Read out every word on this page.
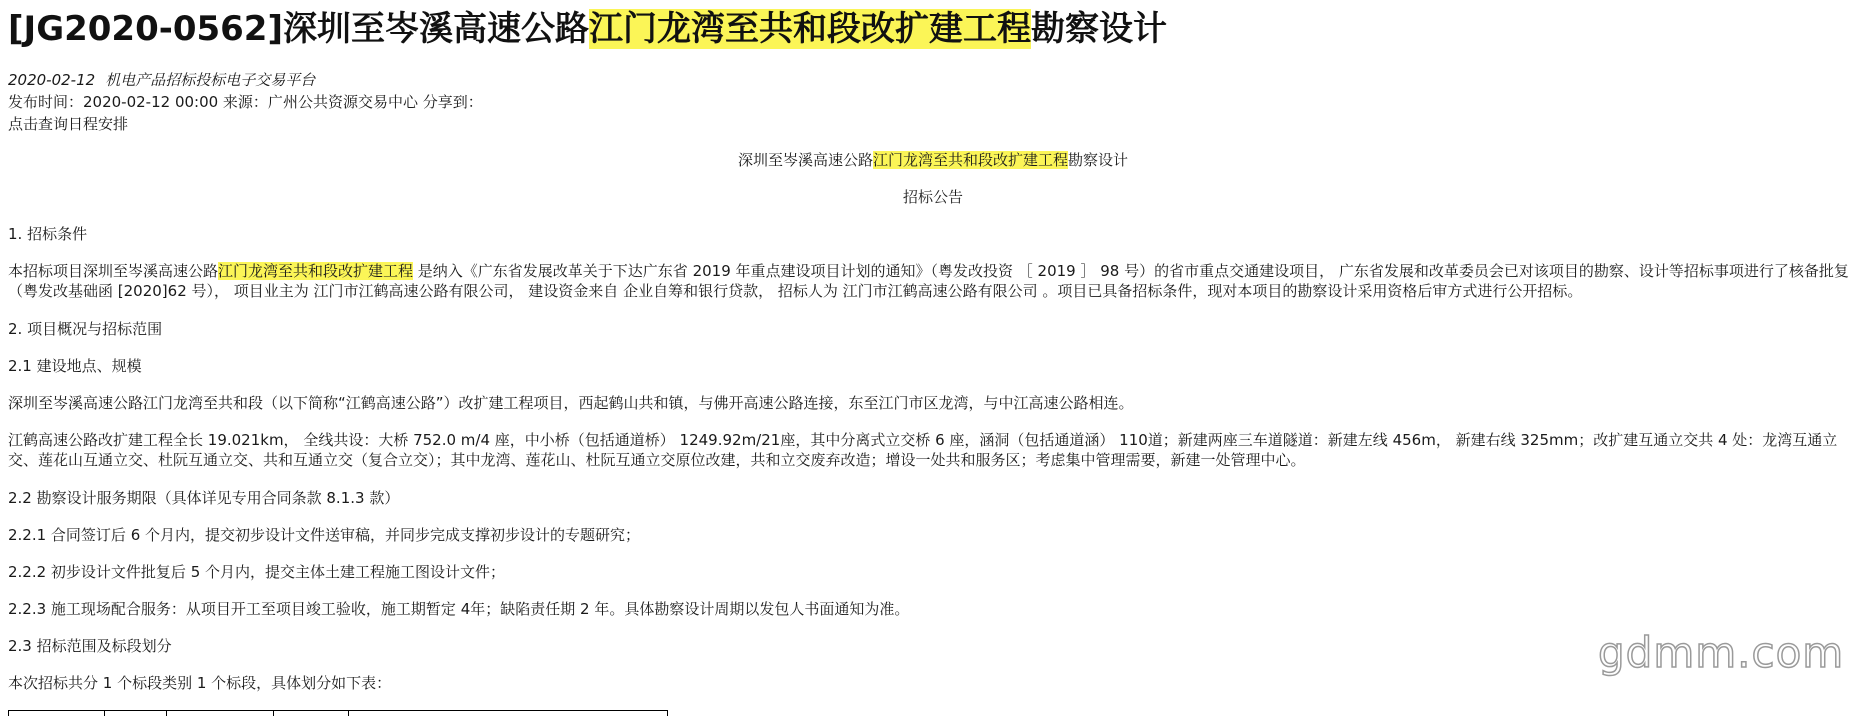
[JG2020-0562]深圳至岑溪高速公路江门龙湾至共和段改扩建工程勘察设计
2020-02-12 机电产品招标投标电子交易平台
发布时间：2020-02-12 00:00 来源：广州公共资源交易中心 分享到：
点击查询日程安排
深圳至岑溪高速公路江门龙湾至共和段改扩建工程勘察设计
招标公告
1. 招标条件

本招标项目深圳至岑溪高速公路江门龙湾至共和段改扩建工程 是纳入《广东省发展改革关于下达广东省 2019 年重点建设项目计划的通知》（粤发改投资 ［ 2019 ］ 98 号）的省市重点交通建设项目， 广东省发展和改革委员会已对该项目的勘察、设计等招标事项进行了核备批复（粤发改基础函 [2020]62 号）， 项目业主为 江门市江鹤高速公路有限公司， 建设资金来自 企业自筹和银行贷款， 招标人为 江门市江鹤高速公路有限公司 。项目已具备招标条件，现对本项目的勘察设计采用资格后审方式进行公开招标。

2. 项目概况与招标范围
2.1 建设地点、规模

深圳至岑溪高速公路江门龙湾至共和段（以下简称“江鹤高速公路”）改扩建工程项目，西起鹤山共和镇，与佛开高速公路连接，东至江门市区龙湾，与中江高速公路相连。

江鹤高速公路改扩建工程全长 19.021km， 全线共设：大桥 752.0 m/4 座，中小桥（包括通道桥） 1249.92m/21座，其中分离式立交桥 6 座，涵洞（包括通道涵） 110道；新建两座三车道隧道：新建左线 456m， 新建右线 325mm；改扩建互通立交共 4 处：龙湾互通立交、莲花山互通立交、杜阮互通立交、共和互通立交（复合立交）；其中龙湾、莲花山、杜阮互通立交原位改建，共和立交废弃改造；增设一处共和服务区；考虑集中管理需要，新建一处管理中心。

2.2 勘察设计服务期限（具体详见专用合同条款 8.1.3 款）
2.2.1 合同签订后 6 个月内，提交初步设计文件送审稿，并同步完成支撑初步设计的专题研究；
2.2.2 初步设计文件批复后 5 个月内，提交主体土建工程施工图设计文件；
2.2.3 施工现场配合服务：从项目开工至项目竣工验收，施工期暂定 4年；缺陷责任期 2 年。具体勘察设计周期以发包人书面通知为准。
2.3 招标范围及标段划分
本次招标共分 1 个标段类别 1 个标段，具体划分如下表：
gdmm.com
